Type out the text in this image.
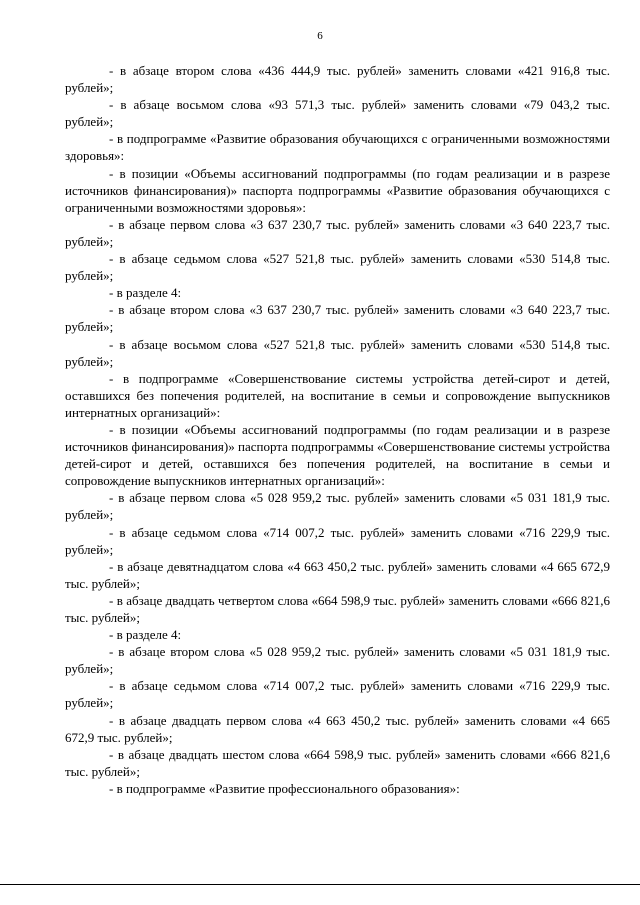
6

- в абзаце втором слова «436 444,9 тыс. рублей» заменить словами «421 916,8 тыс. рублей»;

- в абзаце восьмом слова «93 571,3 тыс. рублей» заменить словами «79 043,2 тыс. рублей»;

- в подпрограмме «Развитие образования обучающихся с ограниченными возможностями здоровья»:

- в позиции «Объемы ассигнований подпрограммы (по годам реализации и в разрезе источников финансирования)» паспорта подпрограммы «Развитие образования обучающихся с ограниченными возможностями здоровья»:

- в абзаце первом слова «3 637 230,7 тыс. рублей» заменить словами «3 640 223,7 тыс. рублей»;

- в абзаце седьмом слова «527 521,8 тыс. рублей» заменить словами «530 514,8 тыс. рублей»;

- в разделе 4:

- в абзаце втором слова «3 637 230,7 тыс. рублей» заменить словами «3 640 223,7 тыс. рублей»;

- в абзаце восьмом слова «527 521,8 тыс. рублей» заменить словами «530 514,8 тыс. рублей»;

- в подпрограмме «Совершенствование системы устройства детей-сирот и детей, оставшихся без попечения родителей, на воспитание в семьи и сопровождение выпускников интернатных организаций»:

- в позиции «Объемы ассигнований подпрограммы (по годам реализации и в разрезе источников финансирования)» паспорта подпрограммы «Совершенствование системы устройства детей-сирот и детей, оставшихся без попечения родителей, на воспитание в семьи и сопровождение выпускников интернатных организаций»:

- в абзаце первом слова «5 028 959,2 тыс. рублей» заменить словами «5 031 181,9 тыс. рублей»;

- в абзаце седьмом слова «714 007,2 тыс. рублей» заменить словами «716 229,9 тыс. рублей»;

- в абзаце девятнадцатом слова «4 663 450,2 тыс. рублей» заменить словами «4 665 672,9 тыс. рублей»;

- в абзаце двадцать четвертом слова «664 598,9 тыс. рублей» заменить словами «666 821,6 тыс. рублей»;

- в разделе 4:

- в абзаце втором слова «5 028 959,2 тыс. рублей» заменить словами «5 031 181,9 тыс. рублей»;

- в абзаце седьмом слова «714 007,2 тыс. рублей» заменить словами «716 229,9 тыс. рублей»;

- в абзаце двадцать первом слова «4 663 450,2 тыс. рублей» заменить словами «4 665 672,9 тыс. рублей»;

- в абзаце двадцать шестом слова «664 598,9 тыс. рублей» заменить словами «666 821,6 тыс. рублей»;

- в подпрограмме «Развитие профессионального образования»:
